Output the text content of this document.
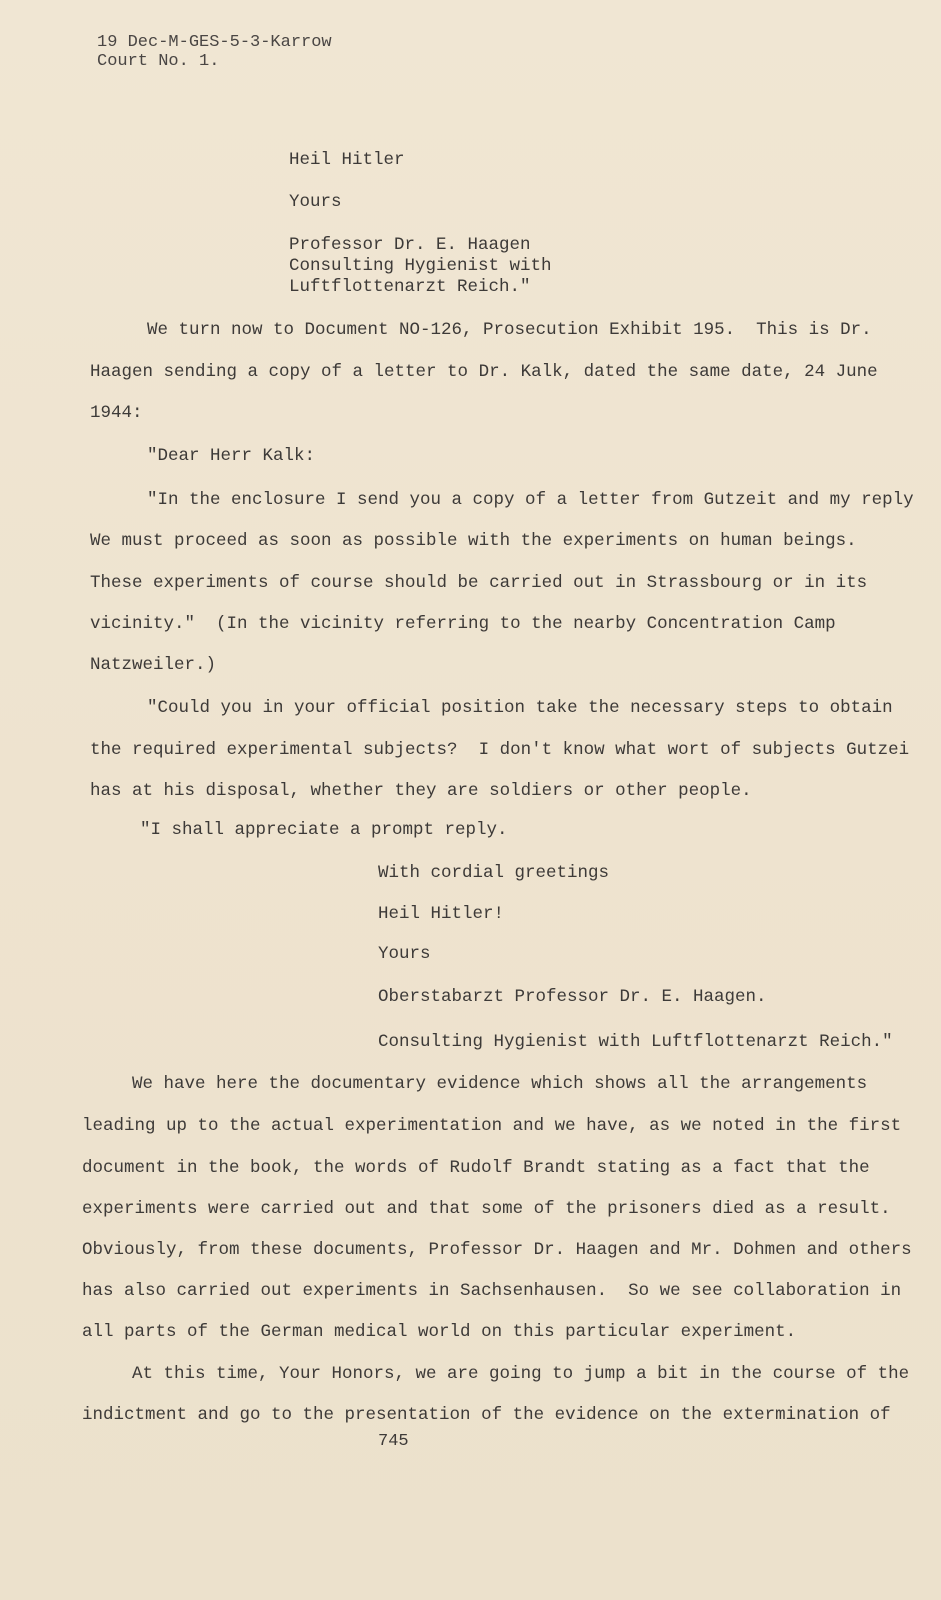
19 Dec-M-GES-5-3-Karrow
Court No. 1.
Heil Hitler
Yours
Professor Dr. E. Haagen
Consulting Hygienist with
Luftflottenarzt Reich."
We turn now to Document NO-126, Prosecution Exhibit 195.  This is Dr.
Haagen sending a copy of a letter to Dr. Kalk, dated the same date, 24 June
1944:
"Dear Herr Kalk:
"In the enclosure I send you a copy of a letter from Gutzeit and my reply
We must proceed as soon as possible with the experiments on human beings.
These experiments of course should be carried out in Strassbourg or in its
vicinity."  (In the vicinity referring to the nearby Concentration Camp
Natzweiler.)
"Could you in your official position take the necessary steps to obtain
the required experimental subjects?  I don't know what wort of subjects Gutzei
has at his disposal, whether they are soldiers or other people.
"I shall appreciate a prompt reply.
With cordial greetings
Heil Hitler!
Yours
Oberstabarzt Professor Dr. E. Haagen.
Consulting Hygienist with Luftflottenarzt Reich."
We have here the documentary evidence which shows all the arrangements
leading up to the actual experimentation and we have, as we noted in the first
document in the book, the words of Rudolf Brandt stating as a fact that the
experiments were carried out and that some of the prisoners died as a result.
Obviously, from these documents, Professor Dr. Haagen and Mr. Dohmen and others
has also carried out experiments in Sachsenhausen.  So we see collaboration in
all parts of the German medical world on this particular experiment.
At this time, Your Honors, we are going to jump a bit in the course of the
indictment and go to the presentation of the evidence on the extermination of
745
